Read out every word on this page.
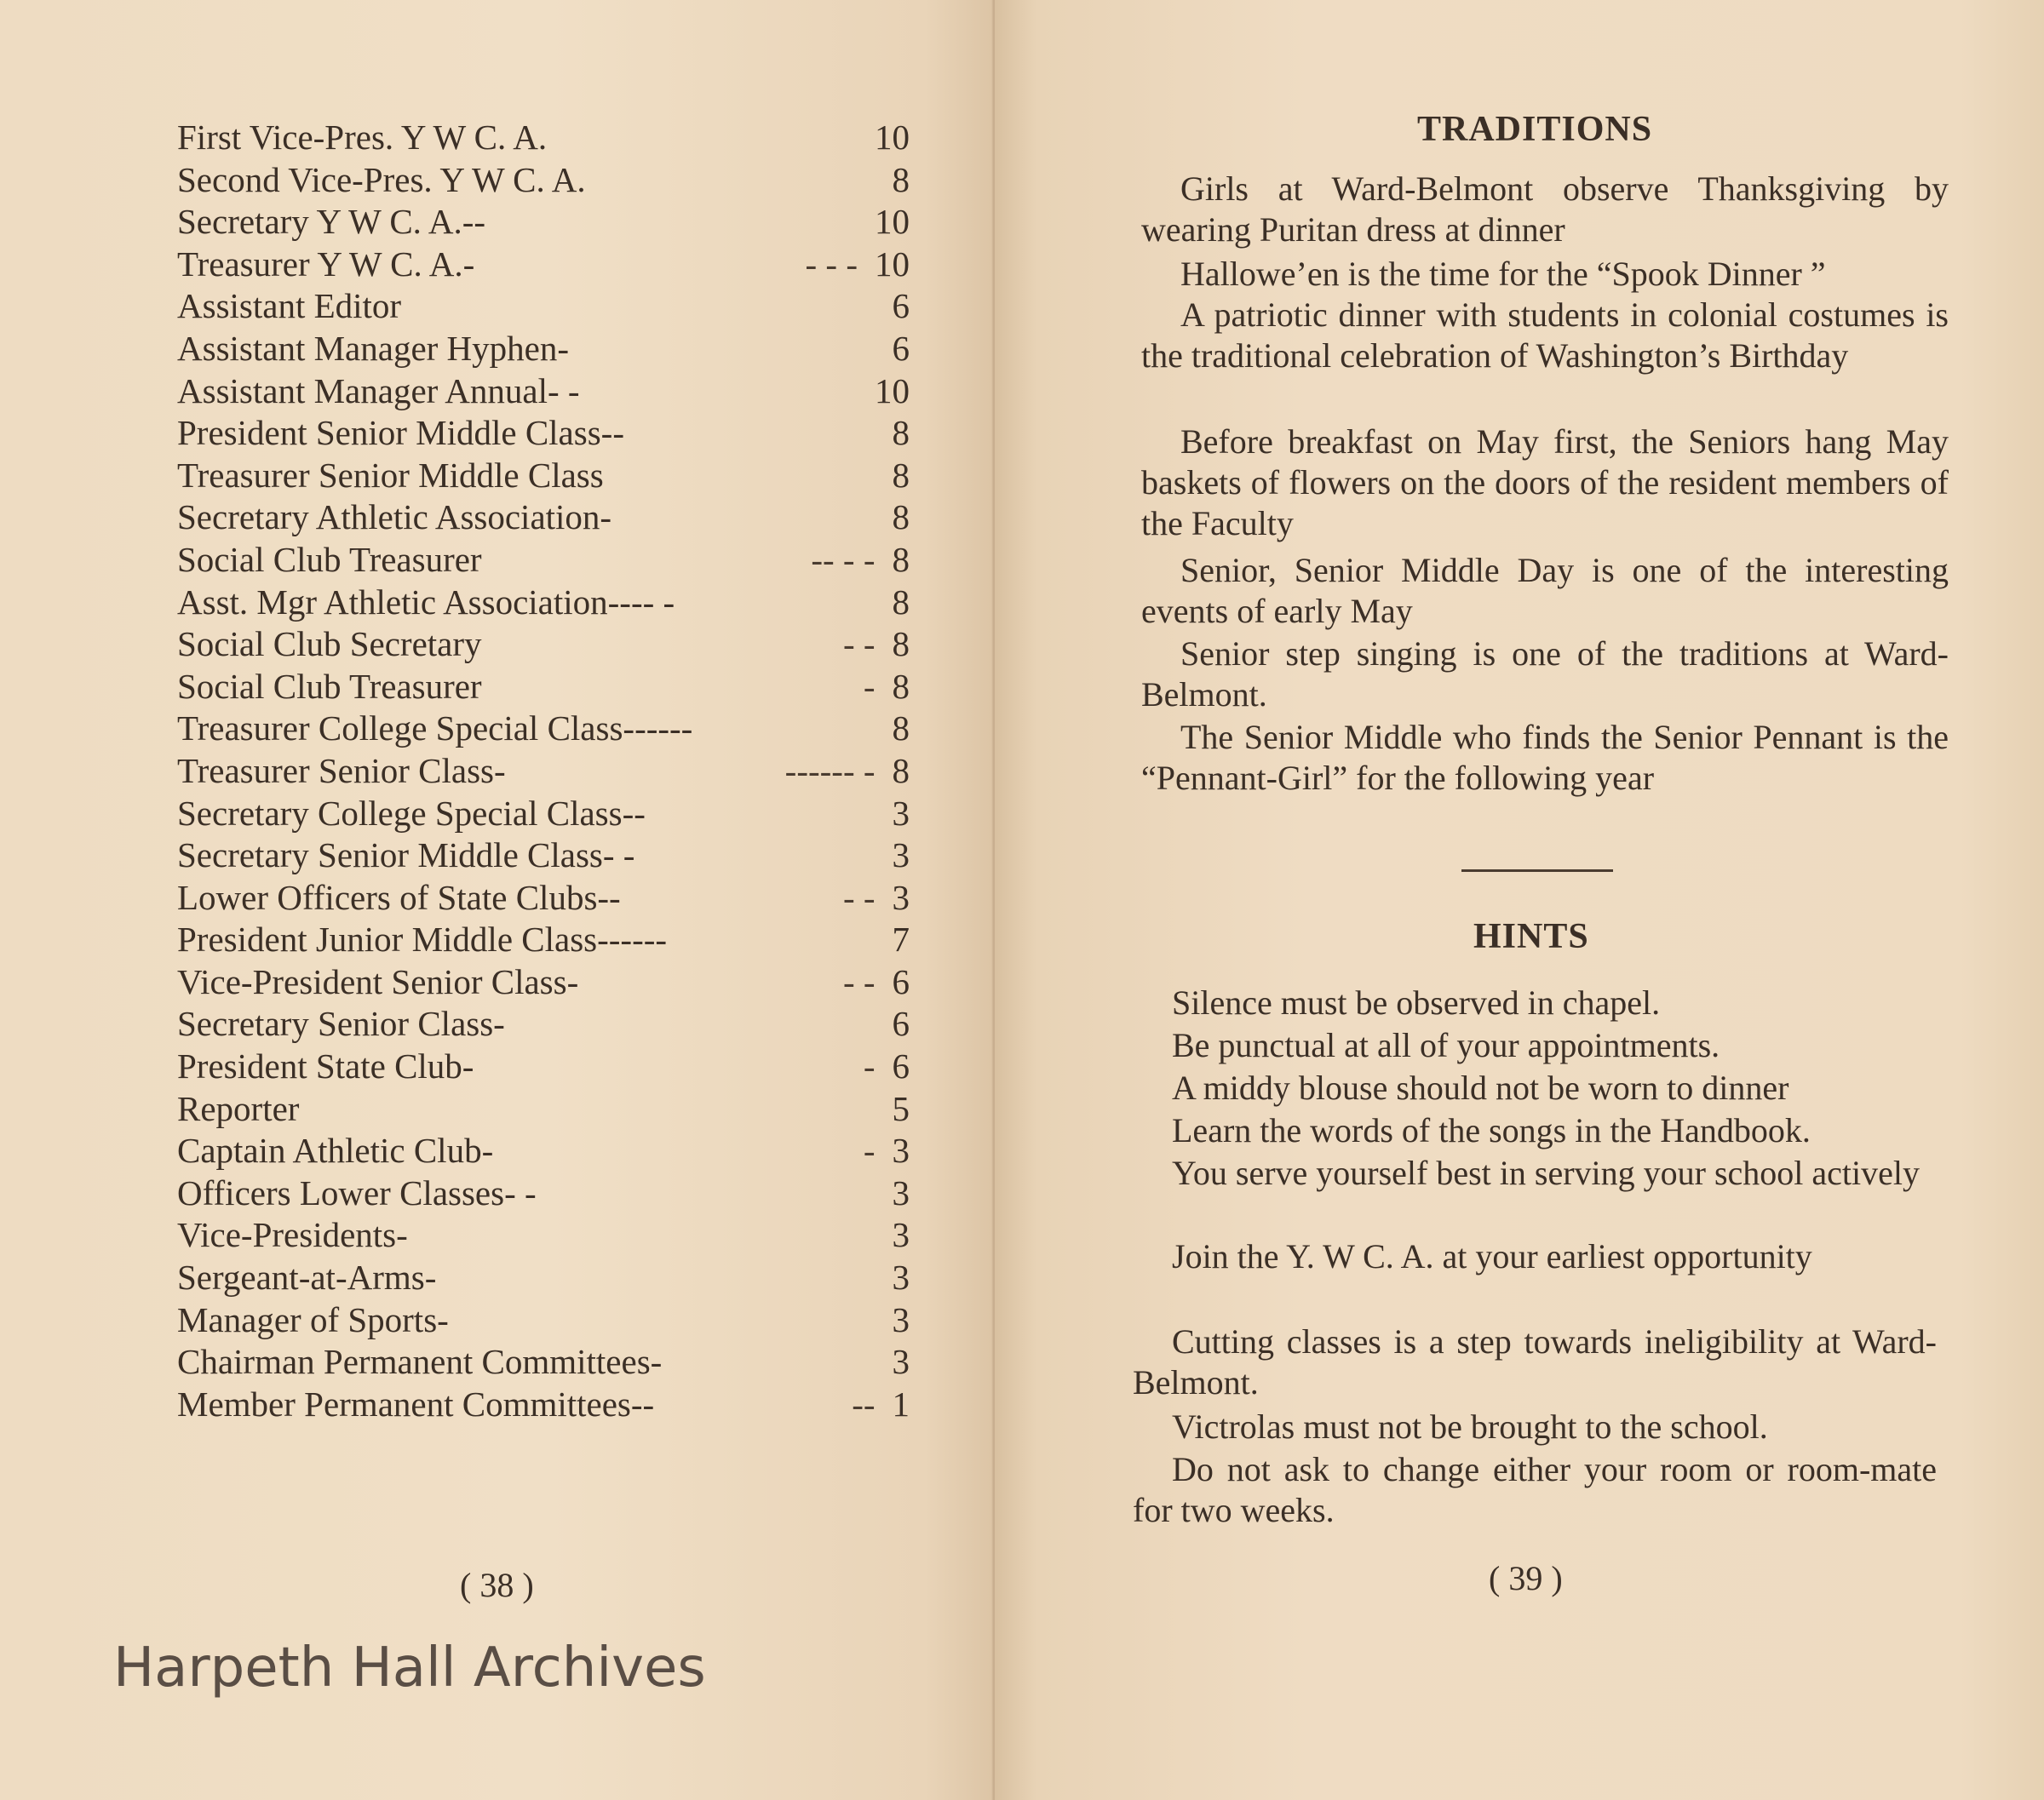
First Vice-Pres. Y W C. A.	10
Second Vice-Pres. Y W C. A.	8
Secretary Y W C. A.--	10
Treasurer Y W C. A.-	- - - 10
Assistant Editor	6
Assistant Manager Hyphen-	6
Assistant Manager Annual- -	10
President Senior Middle Class--	8
Treasurer Senior Middle Class	8
Secretary Athletic Association-	8
Social Club Treasurer	-- - - 8
Asst. Mgr Athletic Association---- -	8
Social Club Secretary	- - 8
Social Club Treasurer	- 8
Treasurer College Special Class------	8
Treasurer Senior Class-	------ - 8
Secretary College Special Class--	3
Secretary Senior Middle Class- -	3
Lower Officers of State Clubs--	- - 3
President Junior Middle Class------	7
Vice-President Senior Class-	- - 6
Secretary Senior Class-	6
President State Club-	- 6
Reporter	5
Captain Athletic Club-	- 3
Officers Lower Classes- -	3
Vice-Presidents-	3
Sergeant-at-Arms-	3
Manager of Sports-	3
Chairman Permanent Committees-	3
Member Permanent Committees--	-- 1
( 38 )
Harpeth Hall Archives
TRADITIONS
Girls at Ward-Belmont observe Thanksgiving by wearing Puritan dress at dinner
Hallowe’en is the time for the “Spook Dinner ”
A patriotic dinner with students in colonial costumes is the traditional celebration of Washington’s Birthday
Before breakfast on May first, the Seniors hang May baskets of flowers on the doors of the resident members of the Faculty
Senior, Senior Middle Day is one of the interesting events of early May
Senior step singing is one of the traditions at Ward-Belmont.
The Senior Middle who finds the Senior Pennant is the “Pennant-Girl” for the following year
HINTS
Silence must be observed in chapel.
Be punctual at all of your appointments.
A middy blouse should not be worn to dinner
Learn the words of the songs in the Handbook.
You serve yourself best in serving your school actively
Join the Y. W C. A. at your earliest opportunity
Cutting classes is a step towards ineligibility at Ward-Belmont.
Victrolas must not be brought to the school.
Do not ask to change either your room or room-mate for two weeks.
( 39 )
